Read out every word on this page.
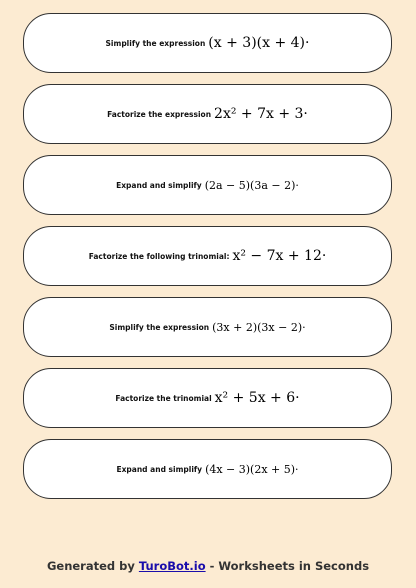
Simplify the expression (x + 3)(x + 4)·
Factorize the expression 2x² + 7x + 3·
Expand and simplify (2a − 5)(3a − 2)·
Factorize the following trinomial: x² − 7x + 12·
Simplify the expression (3x + 2)(3x − 2)·
Factorize the trinomial x² + 5x + 6·
Expand and simplify (4x − 3)(2x + 5)·
Generated by TuroBot.io - Worksheets in Seconds
